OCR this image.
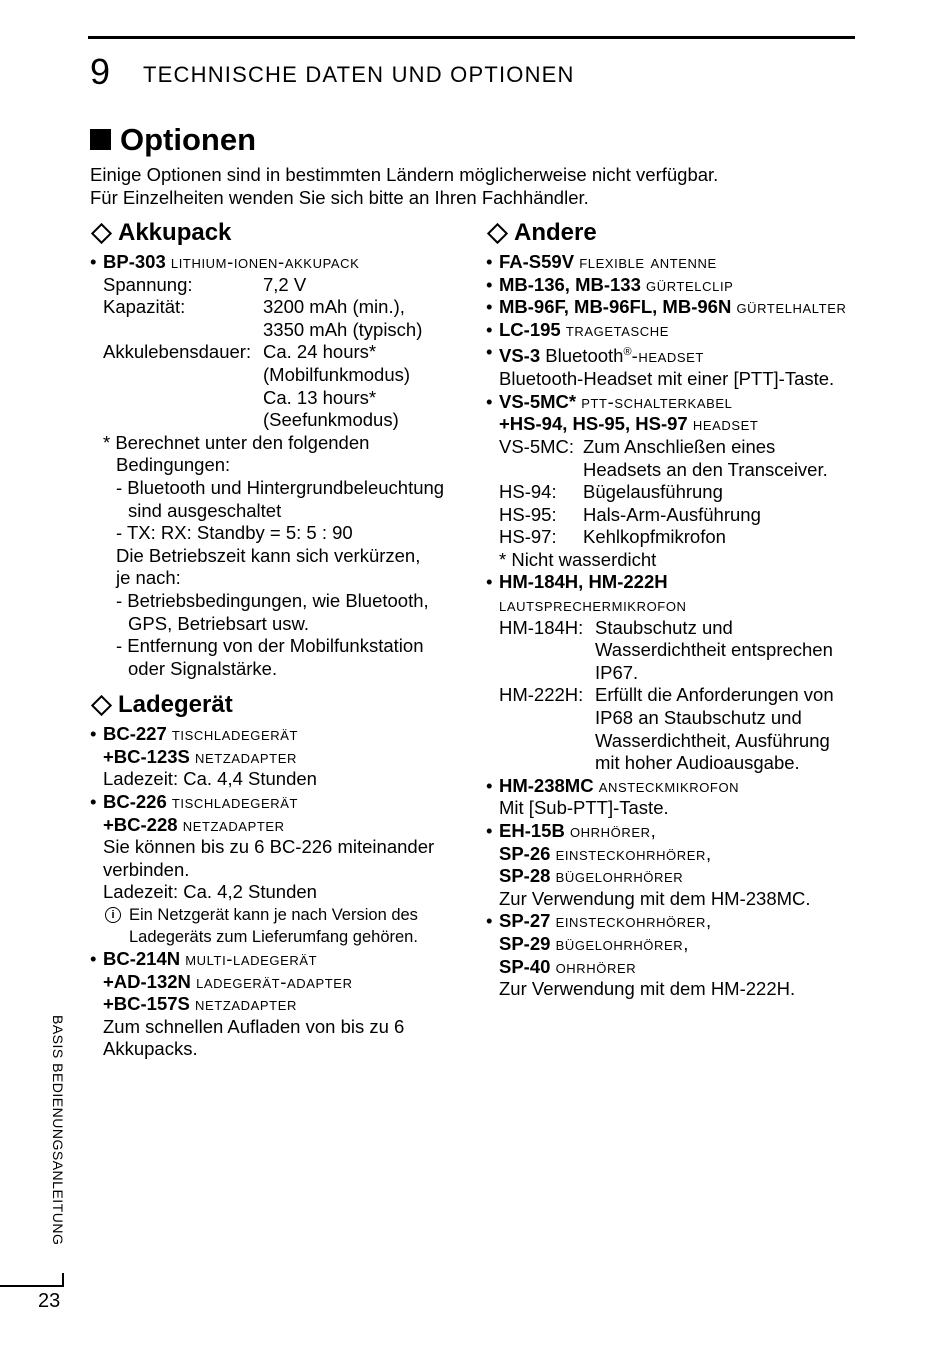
9 TECHNISCHE DATEN UND OPTIONEN
Optionen
Einige Optionen sind in bestimmten Ländern möglicherweise nicht verfügbar.
Für Einzelheiten wenden Sie sich bitte an Ihren Fachhändler.
Akkupack
• BP-303 lithium-ionen-akkupack
Spannung:	7,2 V
Kapazität:	3200 mAh (min.),
3350 mAh (typisch)
Akkulebensdauer: Ca. 24 hours*
(Mobilfunkmodus)
Ca. 13 hours*
(Seefunkmodus)
* Berechnet unter den folgenden
Bedingungen:
- Bluetooth und Hintergrundbeleuchtung
sind ausgeschaltet
- TX: RX: Standby = 5: 5 : 90
Die Betriebszeit kann sich verkürzen,
je nach:
- Betriebsbedingungen, wie Bluetooth,
GPS, Betriebsart usw.
- Entfernung von der Mobilfunkstation
oder Signalstärke.
Ladegerät
• BC-227 tischladegerät
+BC-123S netzadapter
Ladezeit: Ca. 4,4 Stunden
• BC-226 tischladegerät
+BC-228 netzadapter
Sie können bis zu 6 BC-226 miteinander
verbinden.
Ladezeit: Ca. 4,2 Stunden
i Ein Netzgerät kann je nach Version des
Ladegeräts zum Lieferumfang gehören.
• BC-214N multi-ladegerät
+AD-132N ladegerät-adapter
+BC-157S netzadapter
Zum schnellen Aufladen von bis zu 6
Akkupacks.
Andere
• FA-S59V flexible antenne
• MB-136, MB-133 gürtelclip
• MB-96F, MB-96FL, MB-96N gürtelhalter
• LC-195 tragetasche
• VS-3 Bluetooth®-headset
Bluetooth-Headset mit einer [PTT]-Taste.
• VS-5MC* ptt-schalterkabel
+HS-94, HS-95, HS-97 headset
VS-5MC: Zum Anschließen eines
Headsets an den Transceiver.
HS-94:	Bügelausführung
HS-95:	Hals-Arm-Ausführung
HS-97:	Kehlkopfmikrofon
* Nicht wasserdicht
• HM-184H, HM-222H
lautsprechermikrofon
HM-184H: Staubschutz und
Wasserdichtheit entsprechen
IP67.
HM-222H: Erfüllt die Anforderungen von
IP68 an Staubschutz und
Wasserdichtheit, Ausführung
mit hoher Audioausgabe.
• HM-238MC ansteckmikrofon
Mit [Sub-PTT]-Taste.
• EH-15B ohrhörer,
SP-26 einsteckohrhörer,
SP-28 bügelohrhörer
Zur Verwendung mit dem HM-238MC.
• SP-27 einsteckohrhörer,
SP-29 bügelohrhörer,
SP-40 ohrhörer
Zur Verwendung mit dem HM-222H.
BASIS BEDIENUNGSANLEITUNG
23
